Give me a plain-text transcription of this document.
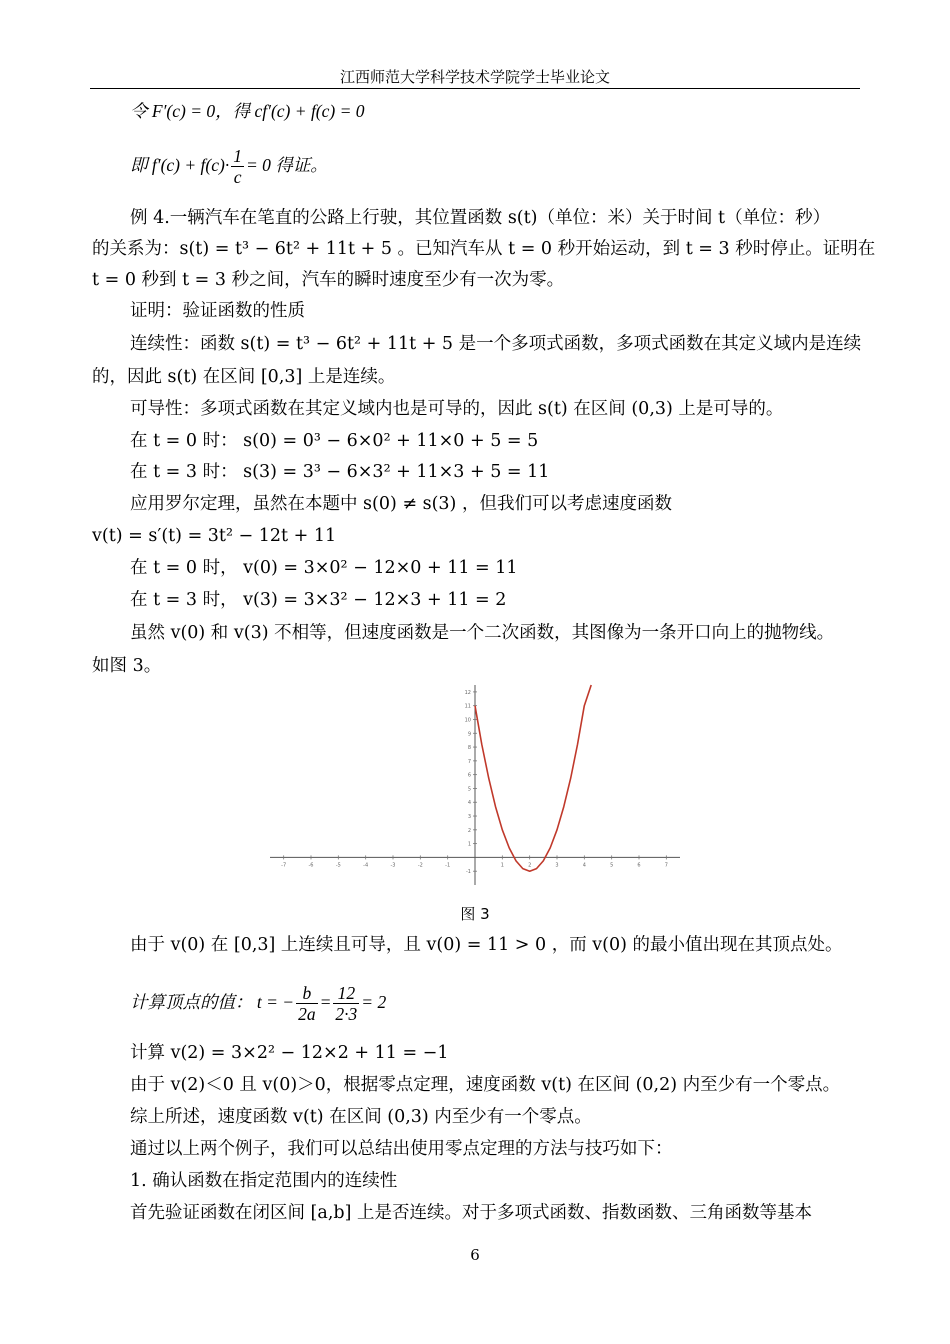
江西师范大学科学技术学院学士毕业论文
令 F′(c) = 0，得 cf′(c) + f(c) = 0
即 $f'(c) + f(c)\cdot \frac{1}{c} = 0$ 得证。
例 4.一辆汽车在笔直的公路上行驶，其位置函数 s(t)（单位：米）关于时间 t（单位：秒）
的关系为：s(t) = t³ − 6t² + 11t + 5 。已知汽车从 t = 0 秒开始运动，到 t = 3 秒时停止。证明在
t = 0 秒到 t = 3 秒之间，汽车的瞬时速度至少有一次为零。
证明：验证函数的性质
连续性：函数 s(t) = t³ − 6t² + 11t + 5 是一个多项式函数，多项式函数在其定义域内是连续
的，因此 s(t) 在区间 [0,3] 上是连续。
可导性：多项式函数在其定义域内也是可导的，因此 s(t) 在区间 (0,3) 上是可导的。
在 t = 0 时： s(0) = 0³ − 6×0² + 11×0 + 5 = 5
在 t = 3 时： s(3) = 3³ − 6×3² + 11×3 + 5 = 11
应用罗尔定理，虽然在本题中 s(0) ≠ s(3) ，但我们可以考虑速度函数
v(t) = s′(t) = 3t² − 12t + 11
在 t = 0 时， v(0) = 3×0² − 12×0 + 11 = 11
在 t = 3 时， v(3) = 3×3² − 12×3 + 11 = 2
虽然 v(0) 和 v(3) 不相等，但速度函数是一个二次函数，其图像为一条开口向上的抛物线。
如图 3。
-7	-6	-5	-4	-3	-2	-1	1	2	3	4	5	6	7
-1
1
2
3
4
5
6
7
8
9
10
11
12
图 3
由于 v(0) 在 [0,3] 上连续且可导，且 v(0) = 11 > 0 ，而 v(0) 的最小值出现在其顶点处。
计算顶点的值： t = − $\frac{b}{2a} = \frac{12}{2\cdot 3} = 2$
计算 v(2) = 3×2² − 12×2 + 11 = −1
由于 v(2)＜0 且 v(0)＞0，根据零点定理，速度函数 v(t) 在区间 (0,2) 内至少有一个零点。
综上所述，速度函数 v(t) 在区间 (0,3) 内至少有一个零点。
通过以上两个例子，我们可以总结出使用零点定理的方法与技巧如下：
1. 确认函数在指定范围内的连续性
首先验证函数在闭区间 [a,b] 上是否连续。对于多项式函数、指数函数、三角函数等基本
6
